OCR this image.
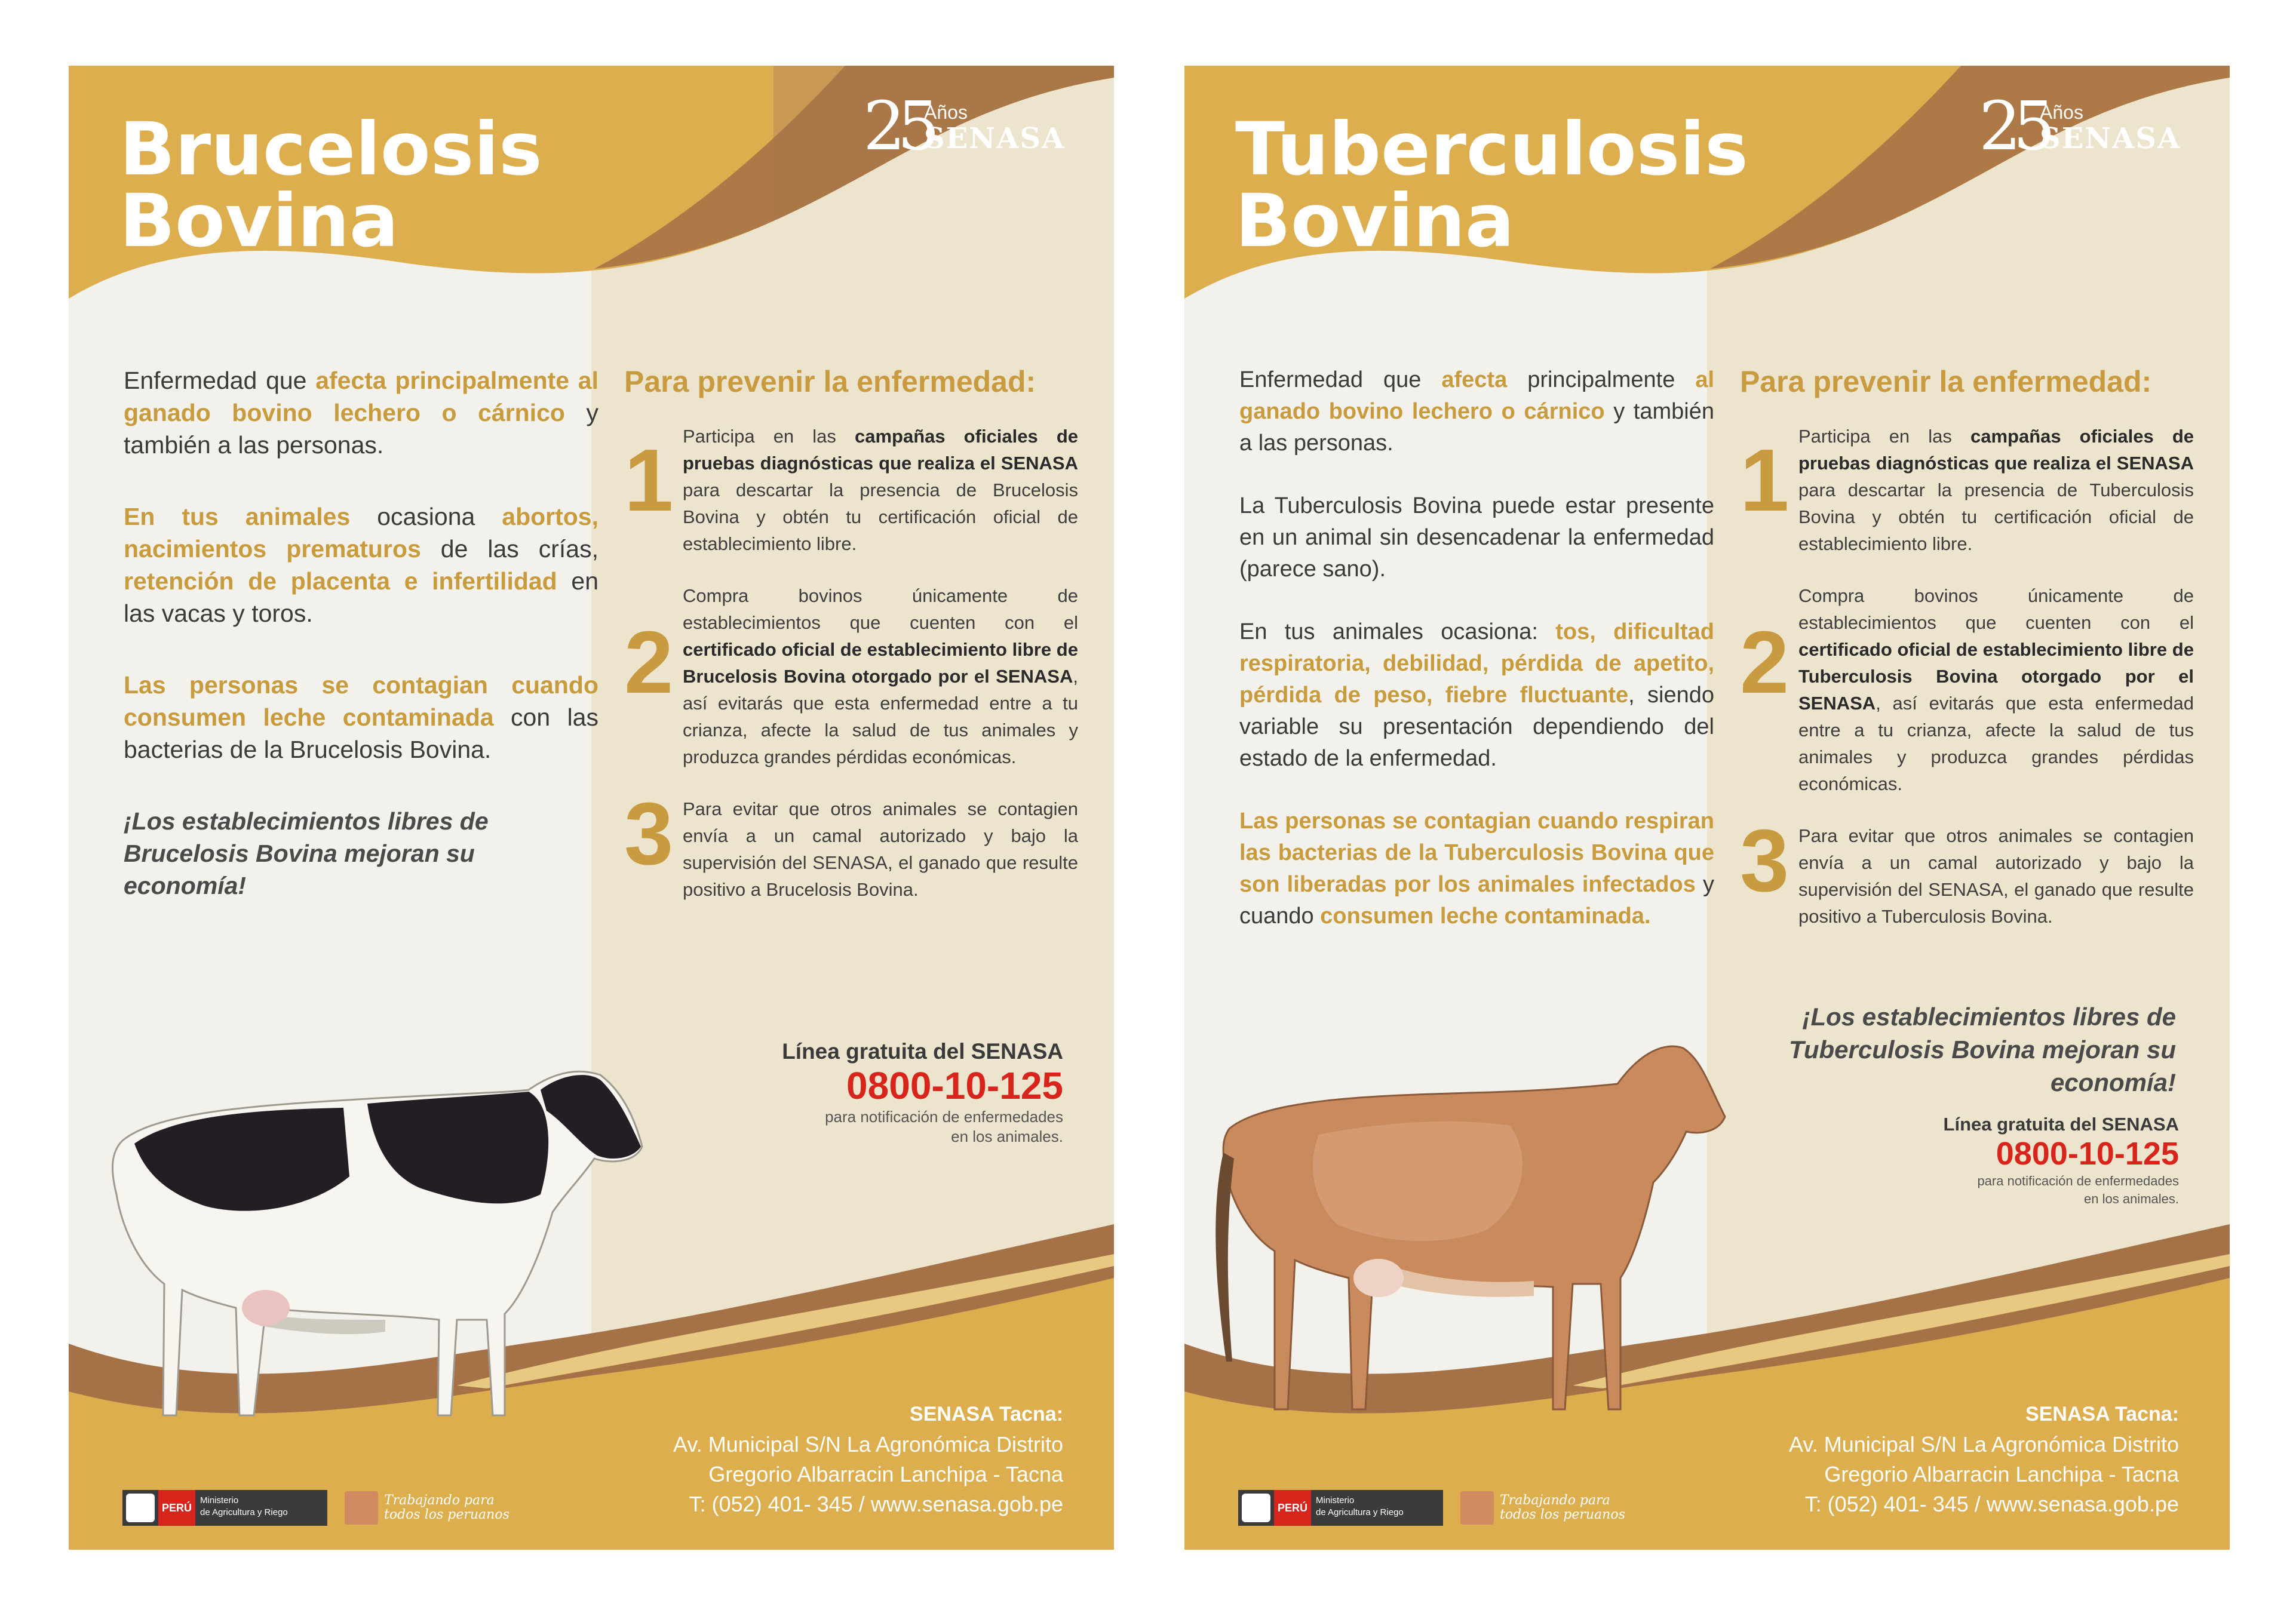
Brucelosis
Bovina
25
Años
SENASA

Enfermedad que afecta principalmente al ganado bovino lechero o cárnico y también a las personas.

En tus animales ocasiona abortos, nacimientos prematuros de las crías, retención de placenta e infertilidad en las vacas y toros.

Las personas se contagian cuando consumen leche contaminada con las bacterias de la Brucelosis Bovina.

¡Los establecimientos libres de Brucelosis Bovina mejoran su economía!

Para prevenir la enfermedad:
1 Participa en las campañas oficiales de pruebas diagnósticas que realiza el SENASA para descartar la presencia de Brucelosis Bovina y obtén tu certificación oficial de establecimiento libre.
2
Compra bovinos únicamente de establecimientos que cuenten con el certificado oficial de establecimiento libre de Brucelosis Bovina otorgado por el SENASA, así evitarás que esta enfermedad entre a tu crianza, afecte la salud de tus animales y produzca grandes pérdidas económicas.
3 Para evitar que otros animales se contagien envía a un camal autorizado y bajo la supervisión del SENASA, el ganado que resulte positivo a Brucelosis Bovina.
Línea gratuita del SENASA
0800-10-125
para notificación de enfermedades
en los animales.
SENASA Tacna:
Av. Municipal S/N La Agronómica Distrito
Gregorio Albarracin Lanchipa - Tacna
T: (052) 401- 345 / www.senasa.gob.pe
PERÚ
Ministerio
de Agricultura y Riego
Trabajando para
todos los peruanos
Tuberculosis
Bovina
25
Años
SENASA

Enfermedad que afecta principalmente al ganado bovino lechero o cárnico y también a las personas.

La Tuberculosis Bovina puede estar presente en un animal sin desencadenar la enfermedad (parece sano).

En tus animales ocasiona: tos, dificultad respiratoria, debilidad, pérdida de apetito, pérdida de peso, fiebre fluctuante, siendo variable su presentación dependiendo del estado de la enfermedad.

Las personas se contagian cuando respiran las bacterias de la Tuberculosis Bovina que son liberadas por los animales infectados y cuando consumen leche contaminada.

Para prevenir la enfermedad:
1 Participa en las campañas oficiales de pruebas diagnósticas que realiza el SENASA para descartar la presencia de Tuberculosis Bovina y obtén tu certificación oficial de establecimiento libre.
2
Compra bovinos únicamente de establecimientos que cuenten con el certificado oficial de establecimiento libre de Tuberculosis Bovina otorgado por el SENASA, así evitarás que esta enfermedad entre a tu crianza, afecte la salud de tus animales y produzca grandes pérdidas económicas.
3 Para evitar que otros animales se contagien envía a un camal autorizado y bajo la supervisión del SENASA, el ganado que resulte positivo a Tuberculosis Bovina.
¡Los establecimientos libres de Tuberculosis Bovina mejoran su economía!
Línea gratuita del SENASA
0800-10-125
para notificación de enfermedades
en los animales.
SENASA Tacna:
Av. Municipal S/N La Agronómica Distrito
Gregorio Albarracin Lanchipa - Tacna
T: (052) 401- 345 / www.senasa.gob.pe
PERÚ
Ministerio
de Agricultura y Riego
Trabajando para
todos los peruanos
